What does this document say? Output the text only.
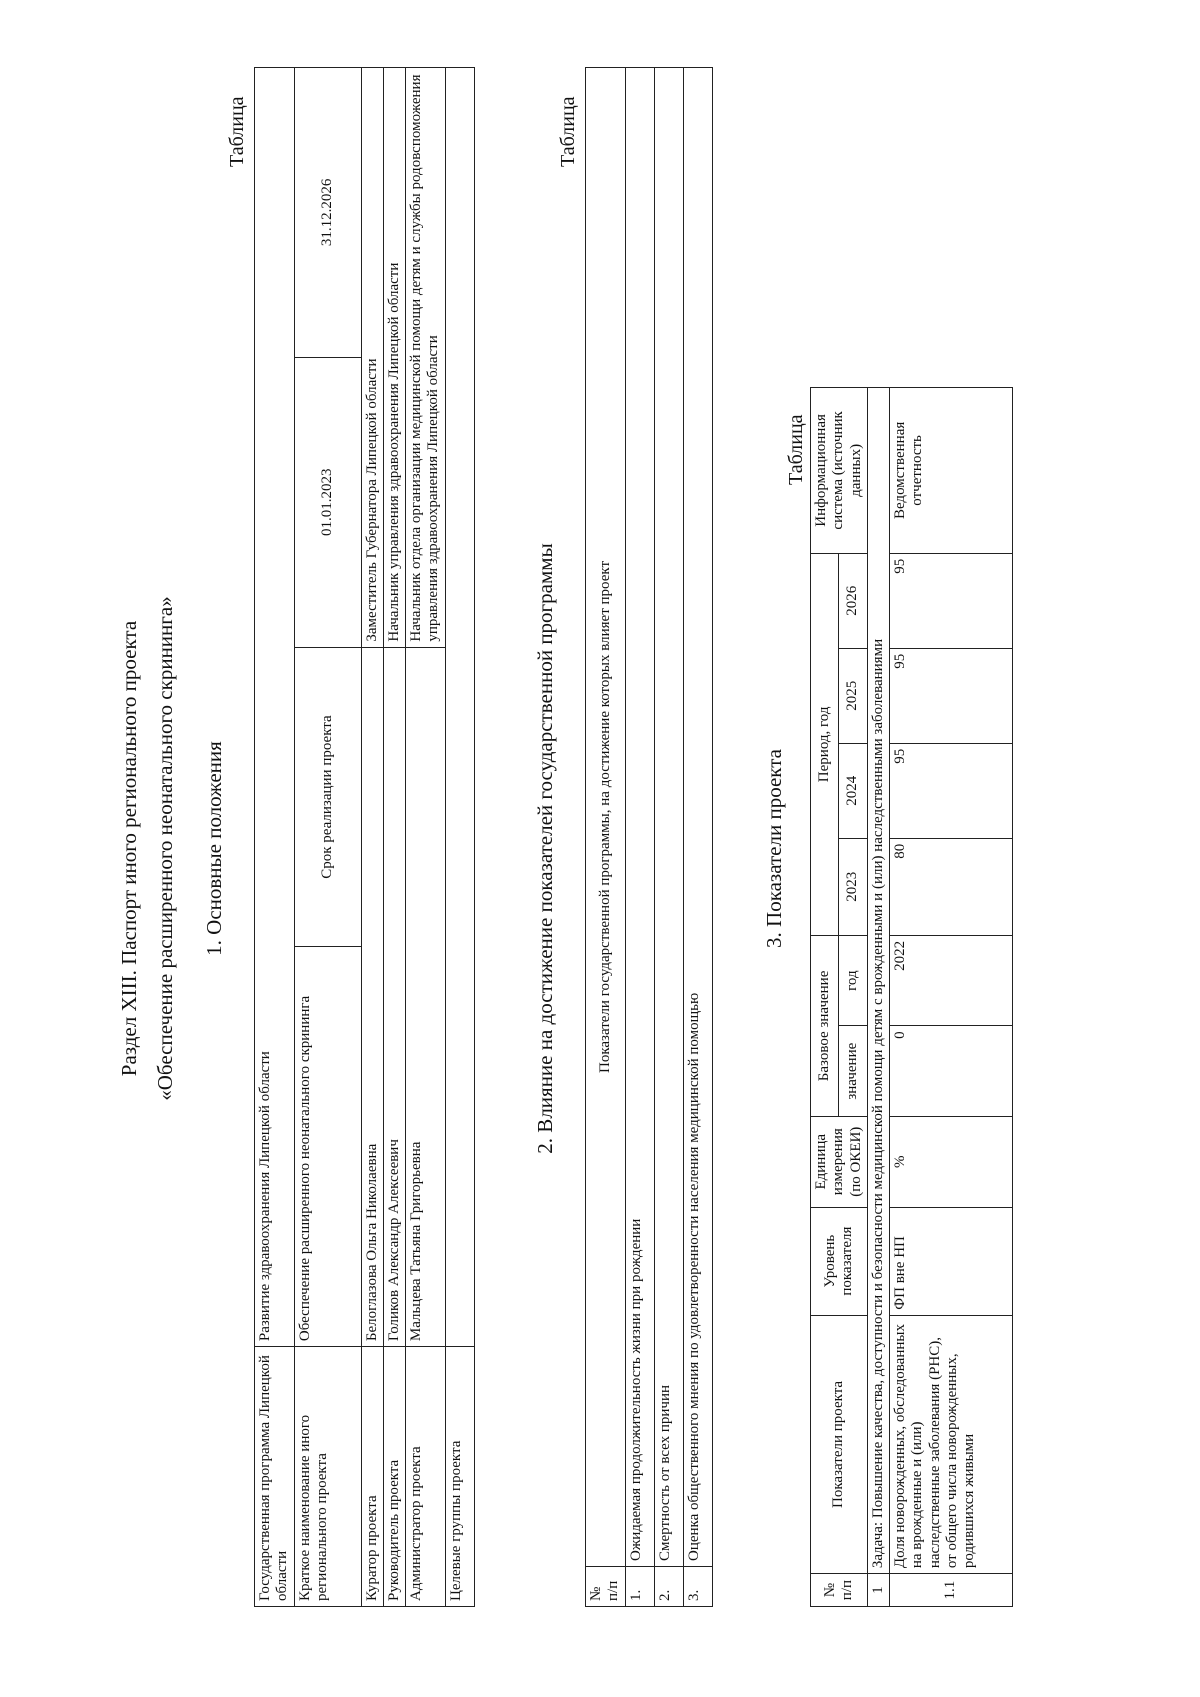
Раздел XIII. Паспорт иного регионального проекта «Обеспечение расширенного неонатального скрининга» 1. Основные положения
Таблица
Государственная программа Липецкой области	Развитие здравоохранения Липецкой области			
Краткое наименование иного регионального проекта	Обеспечение расширенного неонатального скрининга	Срок реализации проекта	01.01.2023	31.12.2026
Куратор проекта	Белоглазова Ольга Николаевна		Заместитель Губернатора Липецкой области	
Руководитель проекта	Голиков Александр Алексеевич		Начальник управления здравоохранения Липецкой области	
Администратор проекта	Мальцева Татьяна Григорьевна		Начальник отдела организации медицинской помощи детям и службы родовспоможения управления здравоохранения Липецкой области	
Целевые группы проекта				
2. Влияние на достижение показателей государственной программы
Таблица
№ п/п	Показатели государственной программы, на достижение которых влияет проект
1.	Ожидаемая продолжительность жизни при рождении
2.	Смертность от всех причин
3.	Оценка общественного мнения по удовлетворенности населения медицинской помощью
3. Показатели проекта
Таблица
№ п/п	Показатели проекта	Уровень показателя	Единица измерения (по ОКЕИ)	Базовое значение		Период, год				Информационная система (источник данных)
				значение	год	2023	2024	2025	2026	
1	Задача: Повышение качества, доступности и безопасности медицинской помощи детям с врожденными и (или) наследственными заболеваниями									
1.1	Доля новорожденных, обследованных на врожденные и (или) наследственные заболевания (РНС), от общего числа новорожденных, родившихся живыми	ФП вне НП	%	0	2022	80	95	95	95	Ведомственная отчетность
